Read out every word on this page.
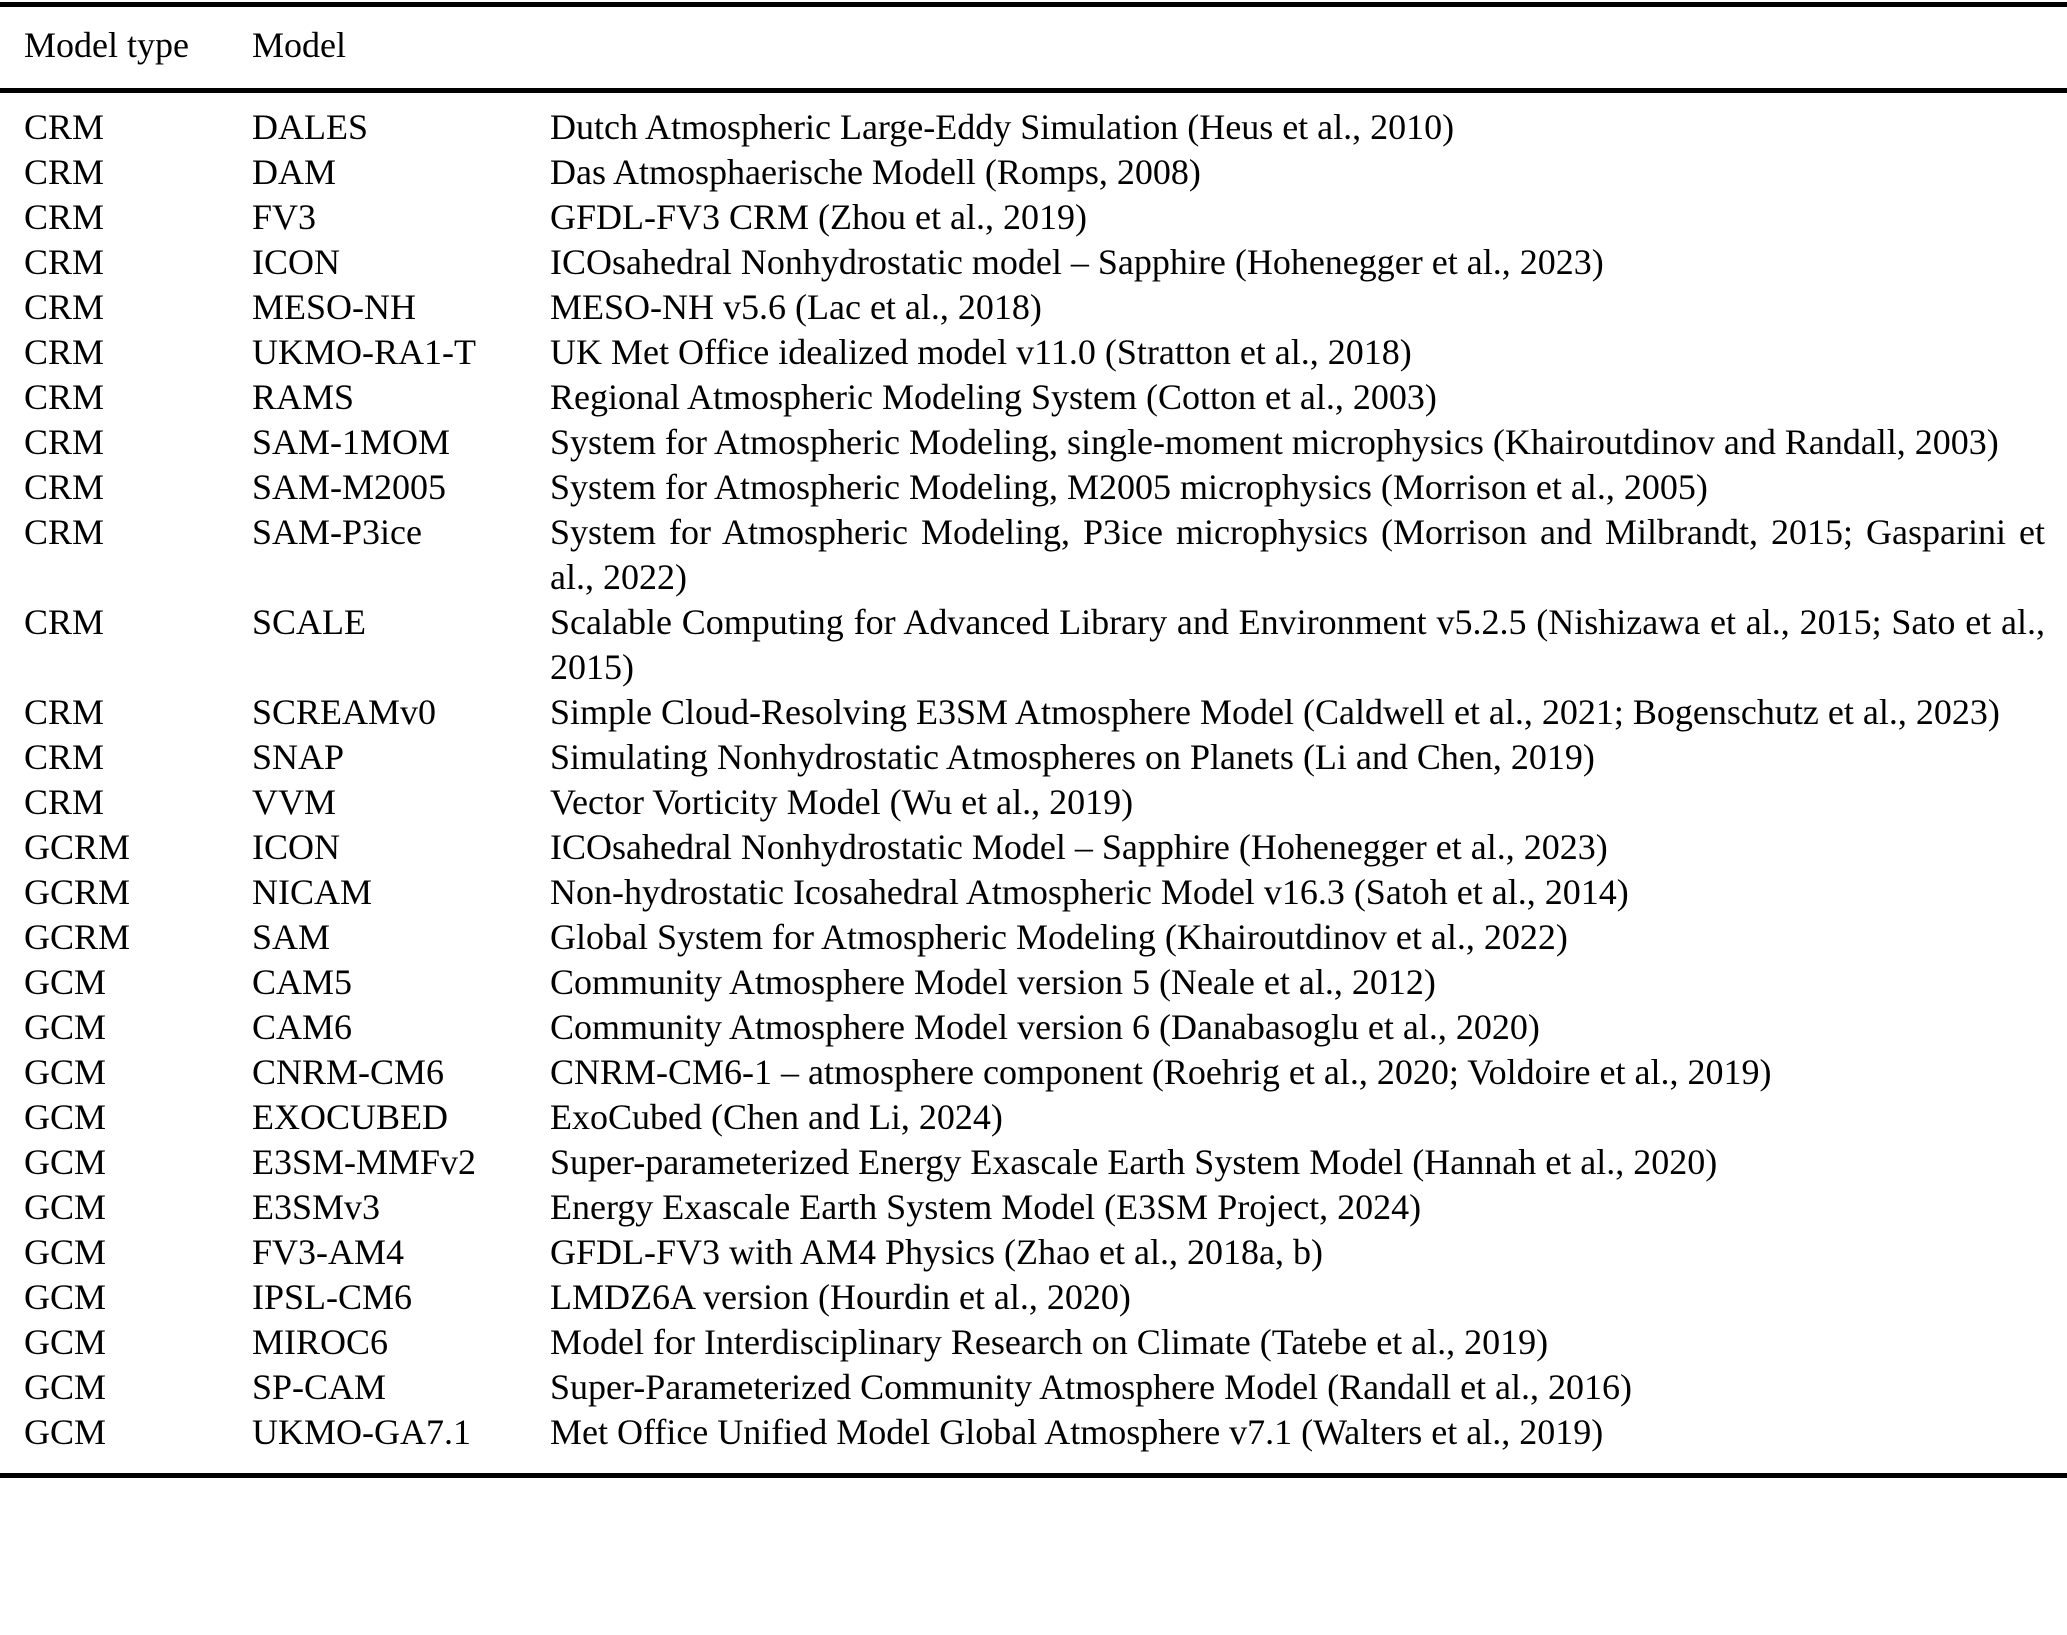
Model type	Model
CRM	DALES	Dutch Atmospheric Large-Eddy Simulation (Heus et al., 2010)
CRM	DAM	Das Atmosphaerische Modell (Romps, 2008)
CRM	FV3	GFDL-FV3 CRM (Zhou et al., 2019)
CRM	ICON	ICOsahedral Nonhydrostatic model – Sapphire (Hohenegger et al., 2023)
CRM	MESO-NH	MESO-NH v5.6 (Lac et al., 2018)
CRM	UKMO-RA1-T	UK Met Office idealized model v11.0 (Stratton et al., 2018)
CRM	RAMS	Regional Atmospheric Modeling System (Cotton et al., 2003)
CRM	SAM-1MOM	System for Atmospheric Modeling, single-moment microphysics (Khairoutdinov and Randall, 2003)
CRM	SAM-M2005	System for Atmospheric Modeling, M2005 microphysics (Morrison et al., 2005)
CRM	SAM-P3ice	System for Atmospheric Modeling, P3ice microphysics (Morrison and Milbrandt, 2015; Gasparini et al., 2022)
CRM	SCALE	Scalable Computing for Advanced Library and Environment v5.2.5 (Nishizawa et al., 2015; Sato et al., 2015)
CRM	SCREAMv0	Simple Cloud-Resolving E3SM Atmosphere Model (Caldwell et al., 2021; Bogenschutz et al., 2023)
CRM	SNAP	Simulating Nonhydrostatic Atmospheres on Planets (Li and Chen, 2019)
CRM	VVM	Vector Vorticity Model (Wu et al., 2019)
GCRM	ICON	ICOsahedral Nonhydrostatic Model – Sapphire (Hohenegger et al., 2023)
GCRM	NICAM	Non-hydrostatic Icosahedral Atmospheric Model v16.3 (Satoh et al., 2014)
GCRM	SAM	Global System for Atmospheric Modeling (Khairoutdinov et al., 2022)
GCM	CAM5	Community Atmosphere Model version 5 (Neale et al., 2012)
GCM	CAM6	Community Atmosphere Model version 6 (Danabasoglu et al., 2020)
GCM	CNRM-CM6	CNRM-CM6-1 – atmosphere component (Roehrig et al., 2020; Voldoire et al., 2019)
GCM	EXOCUBED	ExoCubed (Chen and Li, 2024)
GCM	E3SM-MMFv2	Super-parameterized Energy Exascale Earth System Model (Hannah et al., 2020)
GCM	E3SMv3	Energy Exascale Earth System Model (E3SM Project, 2024)
GCM	FV3-AM4	GFDL-FV3 with AM4 Physics (Zhao et al., 2018a, b)
GCM	IPSL-CM6	LMDZ6A version (Hourdin et al., 2020)
GCM	MIROC6	Model for Interdisciplinary Research on Climate (Tatebe et al., 2019)
GCM	SP-CAM	Super-Parameterized Community Atmosphere Model (Randall et al., 2016)
GCM	UKMO-GA7.1	Met Office Unified Model Global Atmosphere v7.1 (Walters et al., 2019)
